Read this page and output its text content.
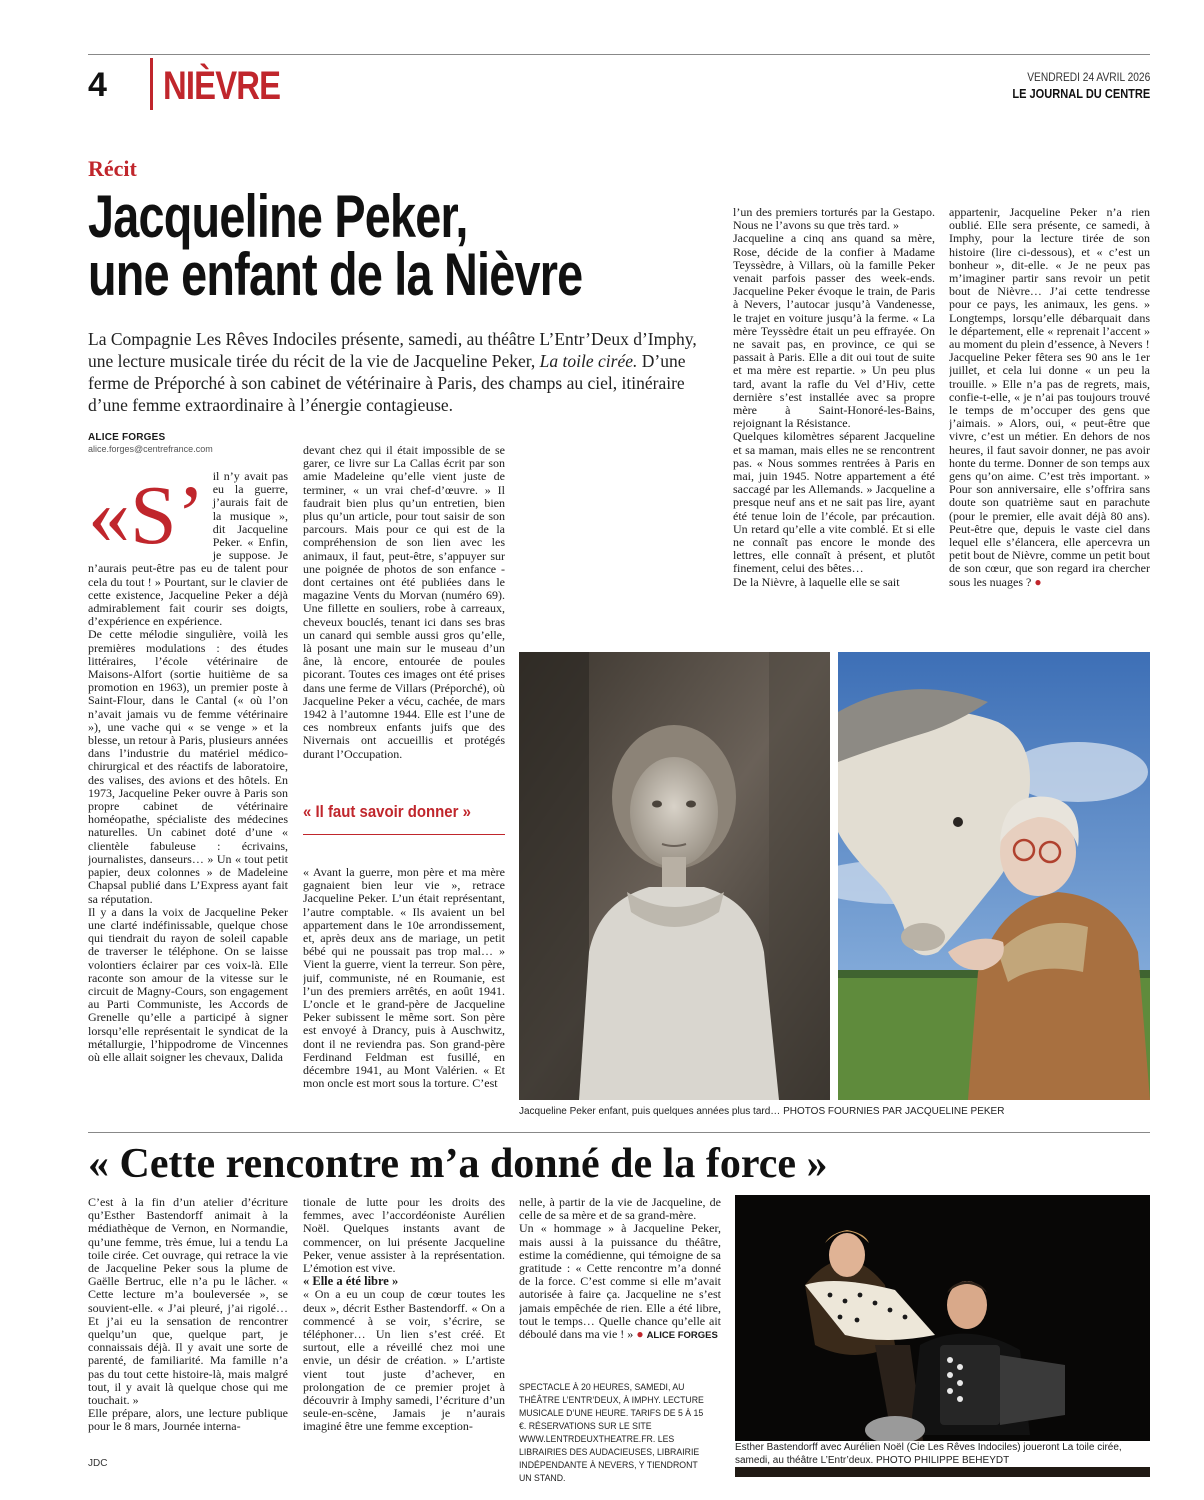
4 NIÈVRE	VENDREDI 24 AVRIL 2026
LE JOURNAL DU CENTRE
Récit
Jacqueline Peker,
une enfant de la Nièvre
La Compagnie Les Rêves Indociles présente, samedi, au théâtre L’Entr’Deux d’Imphy, une lecture musicale tirée du récit de la vie de Jacqueline Peker, La toile cirée. D’une ferme de Préporché à son cabinet de vétérinaire à Paris, des champs au ciel, itinéraire d’une femme extraordinaire à l’énergie contagieuse.
ALICE FORGES
alice.forges@centrefrance.com
«S’ il n’y avait pas eu la guerre, j’aurais fait de la musique », dit Jacqueline Peker. « Enfin, je suppose. Je n’aurais peut-être pas eu de talent pour cela du tout ! » Pourtant, sur le clavier de cette existence, Jacqueline Peker a déjà admirablement fait courir ses doigts, d’expérience en expérience.

De cette mélodie singulière, voilà les premières modulations : des études littéraires, l’école vétérinaire de Maisons-Alfort (sortie huitième de sa promotion en 1963), un premier poste à Saint-Flour, dans le Cantal (« où l’on n’avait jamais vu de femme vétérinaire »), une vache qui « se venge » et la blesse, un retour à Paris, plusieurs années dans l’industrie du matériel médico-chirurgical et des réactifs de laboratoire, des valises, des avions et des hôtels. En 1973, Jacqueline Peker ouvre à Paris son propre cabinet de vétérinaire homéopathe, spécialiste des médecines naturelles. Un cabinet doté d’une « clientèle fabuleuse : écrivains, journalistes, danseurs… » Un « tout petit papier, deux colonnes » de Madeleine Chapsal publié dans L’Express ayant fait sa réputation.

Il y a dans la voix de Jacqueline Peker une clarté indéfinissable, quelque chose qui tiendrait du rayon de soleil capable de traverser le téléphone. On se laisse volontiers éclairer par ces voix-là. Elle raconte son amour de la vitesse sur le circuit de Magny-Cours, son engagement au Parti Communiste, les Accords de Grenelle qu’elle a participé à signer lorsqu’elle représentait le syndicat de la métallurgie, l’hippodrome de Vincennes où elle allait soigner les chevaux, Dalida

devant chez qui il était impossible de se garer, ce livre sur La Callas écrit par son amie Madeleine qu’elle vient juste de terminer, « un vrai chef-d’œuvre. » Il faudrait bien plus qu’un entretien, bien plus qu’un article, pour tout saisir de son parcours. Mais pour ce qui est de la compréhension de son lien avec les animaux, il faut, peut-être, s’appuyer sur une poignée de photos de son enfance - dont certaines ont été publiées dans le magazine Vents du Morvan (numéro 69). Une fillette en souliers, robe à carreaux, cheveux bouclés, tenant ici dans ses bras un canard qui semble aussi gros qu’elle, là posant une main sur le museau d’un âne, là encore, entourée de poules picorant. Toutes ces images ont été prises dans une ferme de Villars (Préporché), où Jacqueline Peker a vécu, cachée, de mars 1942 à l’automne 1944. Elle est l’une de ces nombreux enfants juifs que des Nivernais ont accueillis et protégés durant l’Occupation.

« Il faut savoir donner »

« Avant la guerre, mon père et ma mère gagnaient bien leur vie », retrace Jacqueline Peker. L’un était représentant, l’autre comptable. « Ils avaient un bel appartement dans le 10e arrondissement, et, après deux ans de mariage, un petit bébé qui ne poussait pas trop mal… » Vient la guerre, vient la terreur. Son père, juif, communiste, né en Roumanie, est l’un des premiers arrêtés, en août 1941. L’oncle et le grand-père de Jacqueline Peker subissent le même sort. Son père est envoyé à Drancy, puis à Auschwitz, dont il ne reviendra pas. Son grand-père Ferdinand Feldman est fusillé, en décembre 1941, au Mont Valérien. « Et mon oncle est mort sous la torture. C’est

l’un des premiers torturés par la Gestapo. Nous ne l’avons su que très tard. »

Jacqueline a cinq ans quand sa mère, Rose, décide de la confier à Madame Teyssèdre, à Villars, où la famille Peker venait parfois passer des week-ends. Jacqueline Peker évoque le train, de Paris à Nevers, l’autocar jusqu’à Vandenesse, le trajet en voiture jusqu’à la ferme. « La mère Teyssèdre était un peu effrayée. On ne savait pas, en province, ce qui se passait à Paris. Elle a dit oui tout de suite et ma mère est repartie. » Un peu plus tard, avant la rafle du Vel d’Hiv, cette dernière s’est installée avec sa propre mère à Saint-Honoré-les-Bains, rejoignant la Résistance.

Quelques kilomètres séparent Jacqueline et sa maman, mais elles ne se rencontrent pas. « Nous sommes rentrées à Paris en mai, juin 1945. Notre appartement a été saccagé par les Allemands. » Jacqueline a presque neuf ans et ne sait pas lire, ayant été tenue loin de l’école, par précaution. Un retard qu’elle a vite comblé. Et si elle ne connaît pas encore le monde des lettres, elle connaît à présent, et plutôt finement, celui des bêtes…

De la Nièvre, à laquelle elle se sait

appartenir, Jacqueline Peker n’a rien oublié. Elle sera présente, ce samedi, à Imphy, pour la lecture tirée de son histoire (lire ci-dessous), et « c’est un bonheur », dit-elle. « Je ne peux pas m’imaginer partir sans revoir un petit bout de Nièvre… J’ai cette tendresse pour ce pays, les animaux, les gens. » Longtemps, lorsqu’elle débarquait dans le département, elle « reprenait l’accent » au moment du plein d’essence, à Nevers !

Jacqueline Peker fêtera ses 90 ans le 1er juillet, et cela lui donne « un peu la trouille. » Elle n’a pas de regrets, mais, confie-t-elle, « je n’ai pas toujours trouvé le temps de m’occuper des gens que j’aimais. » Alors, oui, « peut-être que vivre, c’est un métier. En dehors de nos heures, il faut savoir donner, ne pas avoir honte du terme. Donner de son temps aux gens qu’on aime. C’est très important. » Pour son anniversaire, elle s’offrira sans doute son quatrième saut en parachute (pour le premier, elle avait déjà 80 ans). Peut-être que, depuis le vaste ciel dans lequel elle s’élancera, elle apercevra un petit bout de Nièvre, comme un petit bout de son cœur, que son regard ira chercher sous les nuages ? ●

Jacqueline Peker enfant, puis quelques années plus tard… PHOTOS FOURNIES PAR JACQUELINE PEKER
« Cette rencontre m’a donné de la force »

C’est à la fin d’un atelier d’écriture qu’Esther Bastendorff animait à la médiathèque de Vernon, en Normandie, qu’une femme, très émue, lui a tendu La toile cirée. Cet ouvrage, qui retrace la vie de Jacqueline Peker sous la plume de Gaëlle Bertruc, elle n’a pu le lâcher. « Cette lecture m’a bouleversée », se souvient-elle. « J’ai pleuré, j’ai rigolé… Et j’ai eu la sensation de rencontrer quelqu’un que, quelque part, je connaissais déjà. Il y avait une sorte de parenté, de familiarité. Ma famille n’a pas du tout cette histoire-là, mais malgré tout, il y avait là quelque chose qui me touchait. »

Elle prépare, alors, une lecture publique pour le 8 mars, Journée interna-

tionale de lutte pour les droits des femmes, avec l’accordéoniste Aurélien Noël. Quelques instants avant de commencer, on lui présente Jacqueline Peker, venue assister à la représentation. L’émotion est vive.

« Elle a été libre »

« On a eu un coup de cœur toutes les deux », décrit Esther Bastendorff. « On a commencé à se voir, s’écrire, se téléphoner… Un lien s’est créé. Et surtout, elle a réveillé chez moi une envie, un désir de création. » L’artiste vient tout juste d’achever, en prolongation de ce premier projet à découvrir à Imphy samedi, l’écriture d’un seule-en-scène, Jamais je n’aurais imaginé être une femme exception-

nelle, à partir de la vie de Jacqueline, de celle de sa mère et de sa grand-mère.

Un « hommage » à Jacqueline Peker, mais aussi à la puissance du théâtre, estime la comédienne, qui témoigne de sa gratitude : « Cette rencontre m’a donné de la force. C’est comme si elle m’avait autorisée à faire ça. Jacqueline ne s’est jamais empêchée de rien. Elle a été libre, tout le temps… Quelle chance qu’elle ait déboulé dans ma vie ! » ● ALICE FORGES

SPECTACLE À 20 HEURES, SAMEDI, AU THÉÂTRE L’ENTR’DEUX, À IMPHY. LECTURE MUSICALE D’UNE HEURE. TARIFS DE 5 À 15 €. RÉSERVATIONS SUR LE SITE WWW.LENTRDEUXTHEATRE.FR. LES LIBRAIRIES DES AUDACIEUSES, LIBRAIRIE INDÉPENDANTE À NEVERS, Y TIENDRONT UN STAND.
Esther Bastendorff avec Aurélien Noël (Cie Les Rêves Indociles) joueront La toile cirée, samedi, au théâtre L’Entr’deux. PHOTO PHILIPPE BEHEYDT
JDC
